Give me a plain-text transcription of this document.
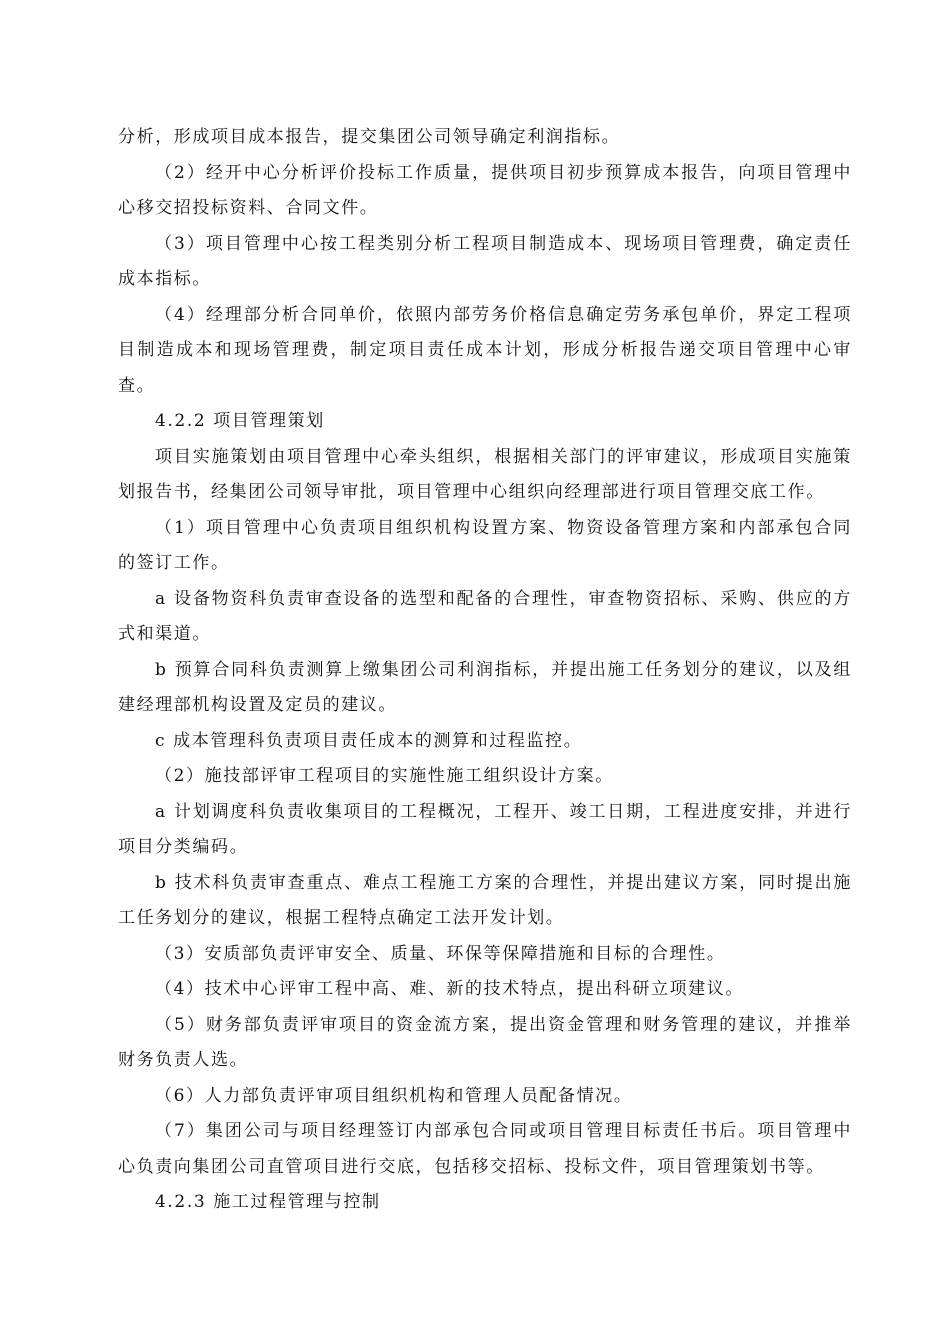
分析，形成项目成本报告，提交集团公司领导确定利润指标。

（2）经开中心分析评价投标工作质量，提供项目初步预算成本报告，向项目管理中心移交招投标资料、合同文件。

（3）项目管理中心按工程类别分析工程项目制造成本、现场项目管理费，确定责任成本指标。

（4）经理部分析合同单价，依照内部劳务价格信息确定劳务承包单价，界定工程项目制造成本和现场管理费，制定项目责任成本计划，形成分析报告递交项目管理中心审查。

4.2.2 项目管理策划

项目实施策划由项目管理中心牵头组织，根据相关部门的评审建议，形成项目实施策划报告书，经集团公司领导审批，项目管理中心组织向经理部进行项目管理交底工作。

（1）项目管理中心负责项目组织机构设置方案、物资设备管理方案和内部承包合同的签订工作。

a 设备物资科负责审查设备的选型和配备的合理性，审查物资招标、采购、供应的方式和渠道。

b 预算合同科负责测算上缴集团公司利润指标，并提出施工任务划分的建议，以及组建经理部机构设置及定员的建议。

c 成本管理科负责项目责任成本的测算和过程监控。

（2）施技部评审工程项目的实施性施工组织设计方案。

a 计划调度科负责收集项目的工程概况，工程开、竣工日期，工程进度安排，并进行项目分类编码。

b 技术科负责审查重点、难点工程施工方案的合理性，并提出建议方案，同时提出施工任务划分的建议，根据工程特点确定工法开发计划。

（3）安质部负责评审安全、质量、环保等保障措施和目标的合理性。

（4）技术中心评审工程中高、难、新的技术特点，提出科研立项建议。

（5）财务部负责评审项目的资金流方案，提出资金管理和财务管理的建议，并推举财务负责人选。

（6）人力部负责评审项目组织机构和管理人员配备情况。

（7）集团公司与项目经理签订内部承包合同或项目管理目标责任书后。项目管理中心负责向集团公司直管项目进行交底，包括移交招标、投标文件，项目管理策划书等。

4.2.3 施工过程管理与控制
